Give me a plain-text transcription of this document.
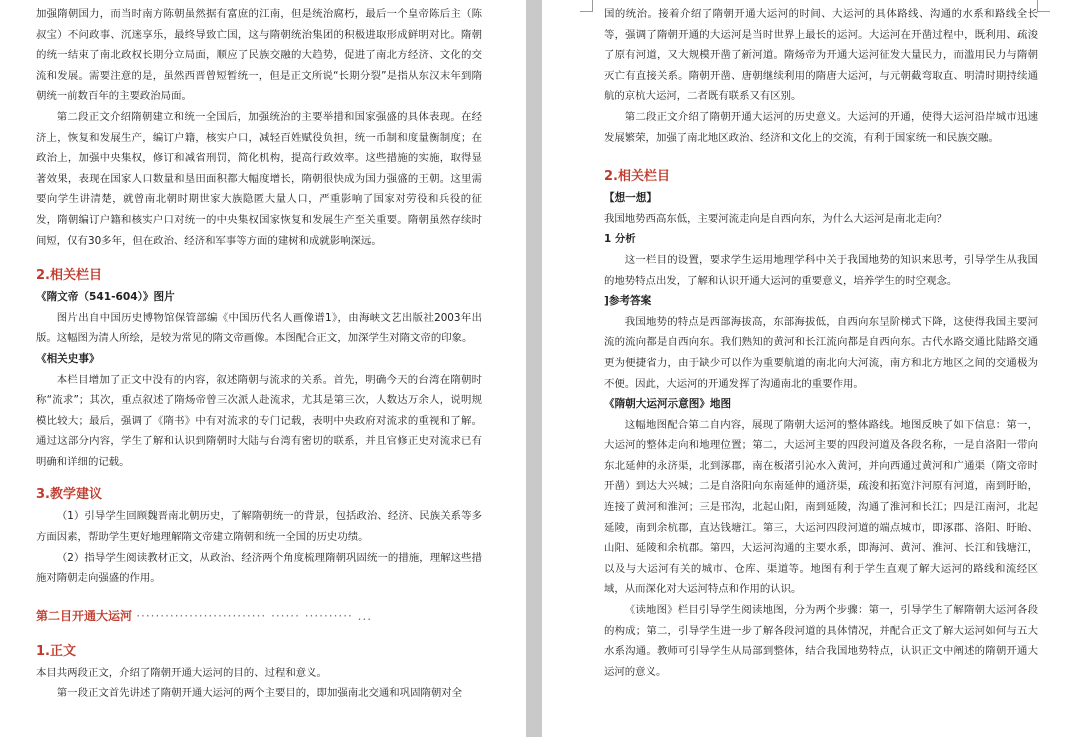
加强隋朝国力，而当时南方陈朝虽然据有富庶的江南，但是统治腐朽，最后一个皇帝陈后主（陈叔宝）不问政事、沉迷享乐，最终导致亡国，这与隋朝统治集团的积极进取形成鲜明对比。隋朝的统一结束了南北政权长期分立局面，顺应了民族交融的大趋势，促进了南北方经济、文化的交流和发展。需要注意的是，虽然西晋曾短暂统一，但是正文所说“长期分裂”是指从东汉末年到隋朝统一前数百年的主要政治局面。

第二段正文介绍隋朝建立和统一全国后，加强统治的主要举措和国家强盛的具体表现。在经济上，恢复和发展生产，编订户籍，核实户口，减轻百姓赋役负担，统一币制和度量衡制度；在政治上，加强中央集权，修订和减省刑罚，简化机构，提高行政效率。这些措施的实施，取得显著效果，表现在国家人口数量和垦田面积都大幅度增长，隋朝很快成为国力强盛的王朝。这里需要向学生讲清楚，就曾南北朝时期世家大族隐匿大量人口，严重影响了国家对劳役和兵役的征发，隋朝编订户籍和核实户口对统一的中央集权国家恢复和发展生产至关重要。隋朝虽然存续时间短，仅有30多年，但在政治、经济和军事等方面的建树和成就影响深远。

2.相关栏目

《隋文帝（541-604）》图片

图片出自中国历史博物馆保管部编《中国历代名人画像谱1》，由海峡文艺出版社2003年出版。这幅图为清人所绘，是较为常见的隋文帝画像。本图配合正文，加深学生对隋文帝的印象。

《相关史事》

本栏目增加了正文中没有的内容，叙述隋朝与流求的关系。首先，明确今天的台湾在隋朝时称“流求”；其次，重点叙述了隋炀帝曾三次派人赴流求，尤其是第三次，人数达万余人，说明规模比较大；最后，强调了《隋书》中有对流求的专门记载，表明中央政府对流求的重视和了解。通过这部分内容，学生了解和认识到隋朝时大陆与台湾有密切的联系，并且官修正史对流求已有明确和详细的记载。

3.教学建议

（1）引导学生回顾魏晋南北朝历史，了解隋朝统一的背景，包括政治、经济、民族关系等多方面因素，帮助学生更好地理解隋文帝建立隋朝和统一全国的历史功绩。

（2）指导学生阅读教材正文，从政治、经济两个角度梳理隋朝巩固统一的措施，理解这些措施对隋朝走向强盛的作用。

第二目开通大运河 ··························· ······ ·········· ...

1.正文

本目共两段正文，介绍了隋朝开通大运河的目的、过程和意义。

第一段正文首先讲述了隋朝开通大运河的两个主要目的，即加强南北交通和巩固隋朝对全

国的统治。接着介绍了隋朝开通大运河的时间、大运河的具体路线、沟通的水系和路线全长等，强调了隋朝开通的大运河是当时世界上最长的运河。大运河在开凿过程中，既利用、疏浚了原有河道，又大规模开凿了新河道。隋炀帝为开通大运河征发大量民力，而滥用民力与隋朝灭亡有直接关系。隋朝开凿、唐朝继续利用的隋唐大运河，与元朝截弯取直、明清时期持续通航的京杭大运河，二者既有联系又有区别。

第二段正文介绍了隋朝开通大运河的历史意义。大运河的开通，使得大运河沿岸城市迅速发展繁荣，加强了南北地区政治、经济和文化上的交流，有利于国家统一和民族交融。

2.相关栏目

【想一想】

我国地势西高东低，主要河流走向是自西向东，为什么大运河是南北走向？

1 分析

这一栏目的设置，要求学生运用地理学科中关于我国地势的知识来思考，引导学生从我国的地势特点出发，了解和认识开通大运河的重要意义，培养学生的时空观念。

]参考答案

我国地势的特点是西部海拔高，东部海拔低，自西向东呈阶梯式下降，这使得我国主要河流的流向都是自西向东。我们熟知的黄河和长江流向都是自西向东。古代水路交通比陆路交通更为便捷省力，由于缺少可以作为重要航道的南北向大河流，南方和北方地区之间的交通极为不便。因此，大运河的开通发挥了沟通南北的重要作用。

《隋朝大运河示意图》地图

这幅地图配合第二自内容，展现了隋朝大运河的整体路线。地图反映了如下信息：第一，大运河的整体走向和地理位置；第二，大运河主要的四段河道及各段名称，一是自洛阳一带向东北延伸的永济渠，北到涿郡，南在板渚引沁水入黄河，并向西通过黄河和广通渠（隋文帝时开凿）到达大兴城；二是自洛阳向东南延伸的通济渠，疏浚和拓宽汴河原有河道，南到盱眙，连接了黄河和淮河；三是邗沟，北起山阳，南到延陵，沟通了淮河和长江；四是江南河，北起延陵，南到余杭郡，直达钱塘江。第三，大运河四段河道的端点城市，即涿郡、洛阳、盱眙、山阳、延陵和余杭郡。第四，大运河沟通的主要水系，即海河、黄河、淮河、长江和钱塘江，以及与大运河有关的城市、仓库、渠道等。地图有利于学生直观了解大运河的路线和流经区域，从而深化对大运河特点和作用的认识。

《读地图》栏目引导学生阅读地图，分为两个步骤：第一，引导学生了解隋朝大运河各段的构成；第二，引导学生进一步了解各段河道的具体情况，并配合正文了解大运河如何与五大水系沟通。教师可引导学生从局部到整体，结合我国地势特点，认识正文中阐述的隋朝开通大运河的意义。
